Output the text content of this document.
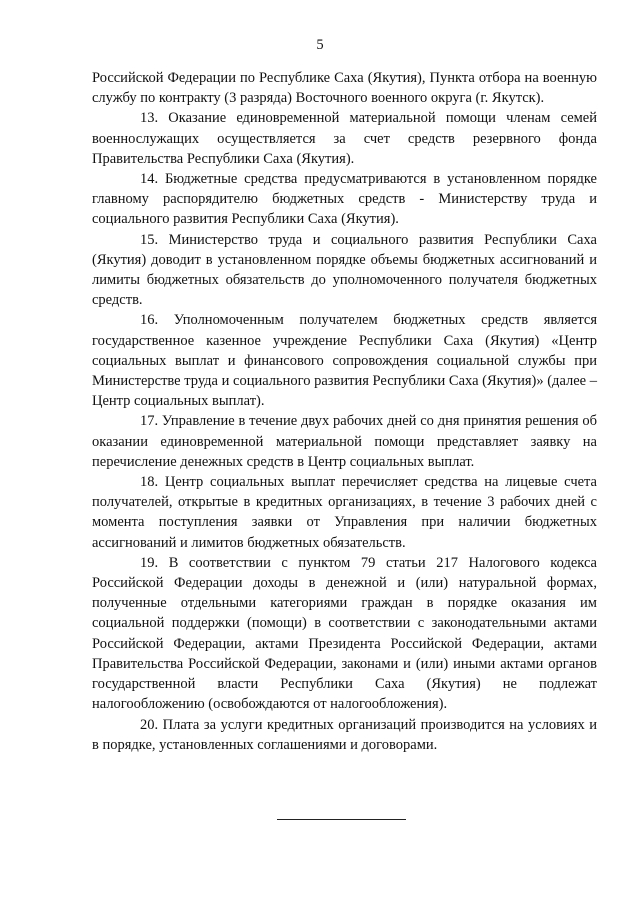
5

Российской Федерации по Республике Саха (Якутия), Пункта отбора на военную службу по контракту (3 разряда) Восточного военного округа (г. Якутск).

13. Оказание единовременной материальной помощи членам семей военнослужащих осуществляется за счет средств резервного фонда Правительства Республики Саха (Якутия).

14. Бюджетные средства предусматриваются в установленном порядке главному распорядителю бюджетных средств - Министерству труда и социального развития Республики Саха (Якутия).

15. Министерство труда и социального развития Республики Саха (Якутия) доводит в установленном порядке объемы бюджетных ассигнований и лимиты бюджетных обязательств до уполномоченного получателя бюджетных средств.

16. Уполномоченным получателем бюджетных средств является государственное казенное учреждение Республики Саха (Якутия) «Центр социальных выплат и финансового сопровождения социальной службы при Министерстве труда и социального развития Республики Саха (Якутия)» (далее – Центр социальных выплат).

17. Управление в течение двух рабочих дней со дня принятия решения об оказании единовременной материальной помощи представляет заявку на перечисление денежных средств в Центр социальных выплат.

18. Центр социальных выплат перечисляет средства на лицевые счета получателей, открытые в кредитных организациях, в течение 3 рабочих дней с момента поступления заявки от Управления при наличии бюджетных ассигнований и лимитов бюджетных обязательств.

19. В соответствии с пунктом 79 статьи 217 Налогового кодекса Российской Федерации доходы в денежной и (или) натуральной формах, полученные отдельными категориями граждан в порядке оказания им социальной поддержки (помощи) в соответствии с законодательными актами Российской Федерации, актами Президента Российской Федерации, актами Правительства Российской Федерации, законами и (или) иными актами органов государственной власти Республики Саха (Якутия) не подлежат налогообложению (освобождаются от налогообложения).

20. Плата за услуги кредитных организаций производится на условиях и в порядке, установленных соглашениями и договорами.
